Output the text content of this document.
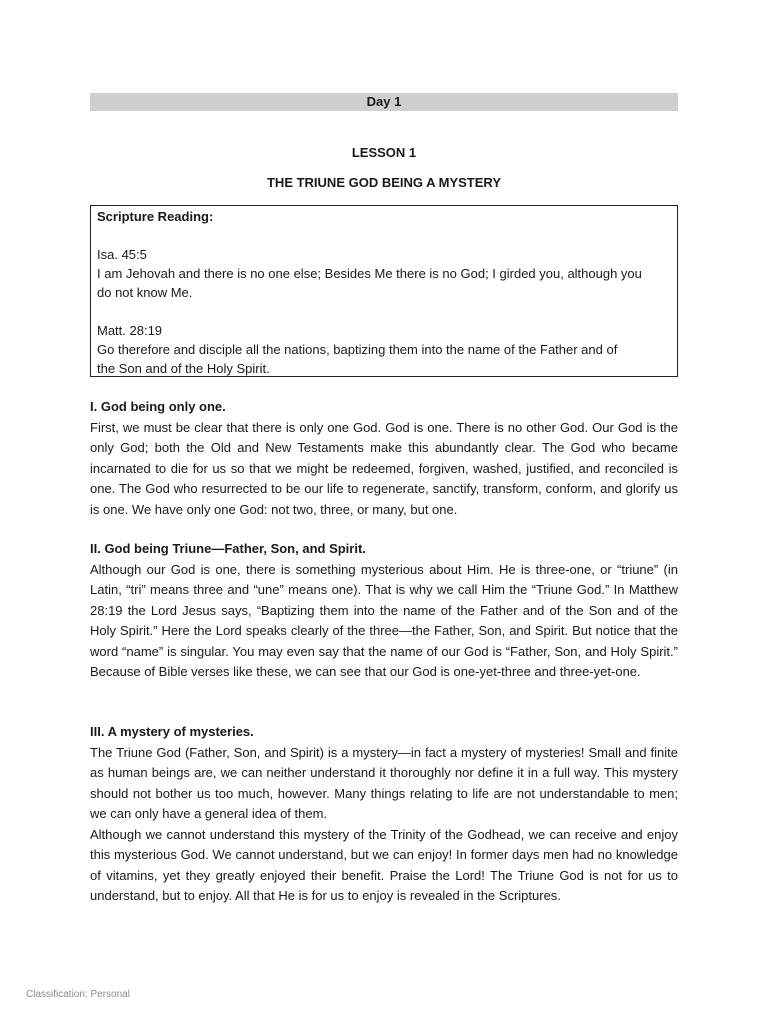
Day 1
LESSON 1
THE TRIUNE GOD BEING A MYSTERY

Scripture Reading:

Isa. 45:5

I am Jehovah and there is no one else; Besides Me there is no God; I girded you, although you

do not know Me.

Matt. 28:19

Go therefore and disciple all the nations, baptizing them into the name of the Father and of

the Son and of the Holy Spirit.

I. God being only one.

First, we must be clear that there is only one God. God is one. There is no other God. Our God is the only God; both the Old and New Testaments make this abundantly clear. The God who became incarnated to die for us so that we might be redeemed, forgiven, washed, justified, and reconciled is one. The God who resurrected to be our life to regenerate, sanctify, transform, conform, and glorify us is one. We have only one God: not two, three, or many, but one.

II. God being Triune—Father, Son, and Spirit.

Although our God is one, there is something mysterious about Him. He is three-one, or “triune” (in Latin, “tri” means three and “une” means one). That is why we call Him the “Triune God.” In Matthew 28:19 the Lord Jesus says, “Baptizing them into the name of the Father and of the Son and of the Holy Spirit.” Here the Lord speaks clearly of the three—the Father, Son, and Spirit. But notice that the word “name” is singular. You may even say that the name of our God is “Father, Son, and Holy Spirit.” Because of Bible verses like these, we can see that our God is one-yet-three and three-yet-one.

III. A mystery of mysteries.

The Triune God (Father, Son, and Spirit) is a mystery—in fact a mystery of mysteries! Small and finite as human beings are, we can neither understand it thoroughly nor define it in a full way. This mystery should not bother us too much, however. Many things relating to life are not understandable to men; we can only have a general idea of them.

Although we cannot understand this mystery of the Trinity of the Godhead, we can receive and enjoy this mysterious God. We cannot understand, but we can enjoy! In former days men had no knowledge of vitamins, yet they greatly enjoyed their benefit. Praise the Lord! The Triune God is not for us to understand, but to enjoy. All that He is for us to enjoy is revealed in the Scriptures.

Classification: Personal
